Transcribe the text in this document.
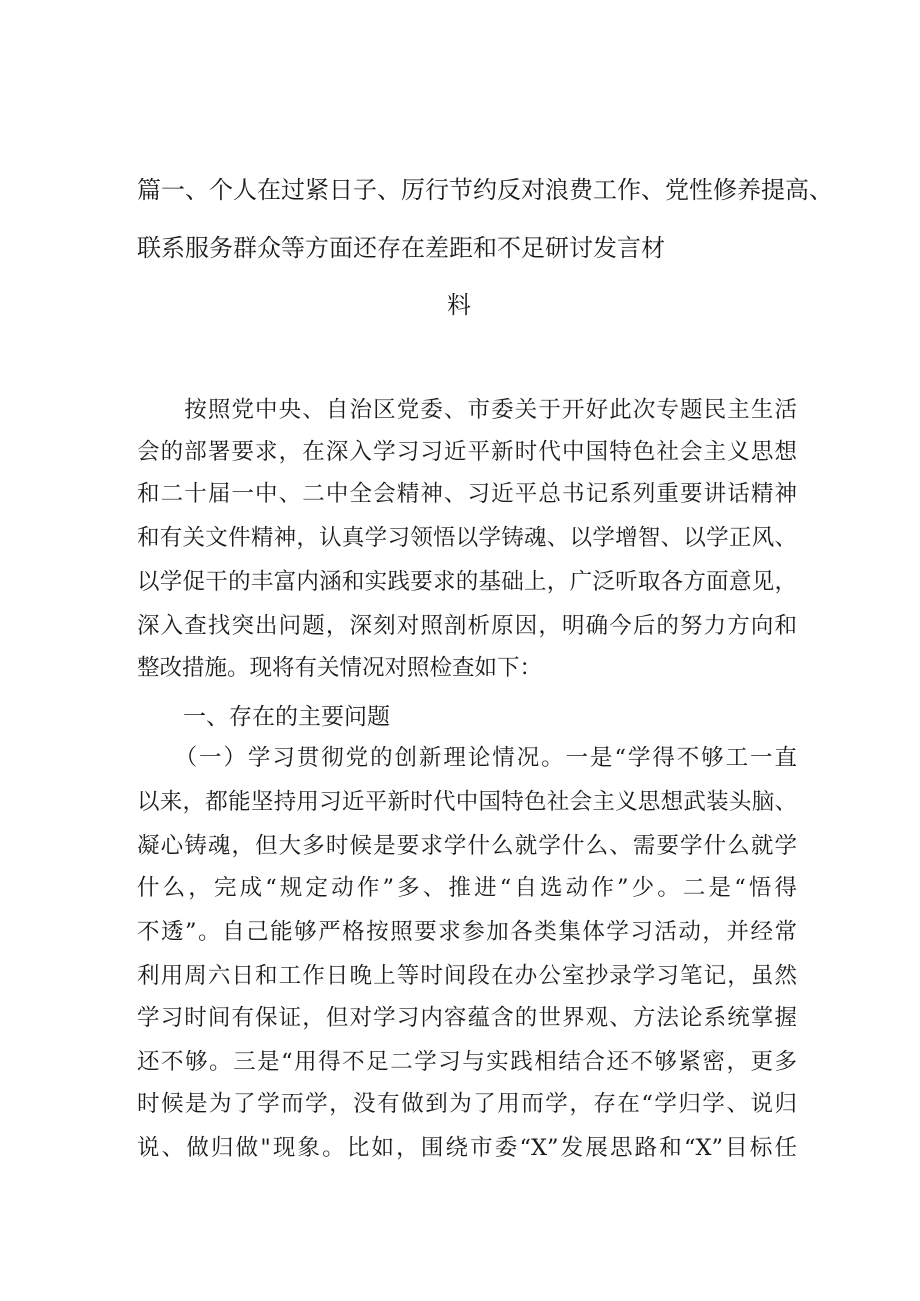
篇一、个人在过紧日子、厉行节约反对浪费工作、党性修养提高、
联系服务群众等方面还存在差距和不足研讨发言材
料
　　按照党中央、自治区党委、市委关于开好此次专题民主生活
会的部署要求，在深入学习习近平新时代中国特色社会主义思想
和二十届一中、二中全会精神、习近平总书记系列重要讲话精神
和有关文件精神，认真学习领悟以学铸魂、以学增智、以学正风、
以学促干的丰富内涵和实践要求的基础上，广泛听取各方面意见，
深入查找突出问题，深刻对照剖析原因，明确今后的努力方向和
整改措施。现将有关情况对照检查如下：
一、存在的主要问题
　　（一）学习贯彻党的创新理论情况。一是“学得不够工一直
以来，都能坚持用习近平新时代中国特色社会主义思想武装头脑、
凝心铸魂，但大多时候是要求学什么就学什么、需要学什么就学
什么，完成“规定动作”多、推进“自选动作”少。二是“悟得
不透”。自己能够严格按照要求参加各类集体学习活动，并经常
利用周六日和工作日晚上等时间段在办公室抄录学习笔记，虽然
学习时间有保证，但对学习内容蕴含的世界观、方法论系统掌握
还不够。三是“用得不足二学习与实践相结合还不够紧密，更多
时候是为了学而学，没有做到为了用而学，存在“学归学、说归
说、做归做"现象。比如，围绕市委“X”发展思路和“X”目标任
